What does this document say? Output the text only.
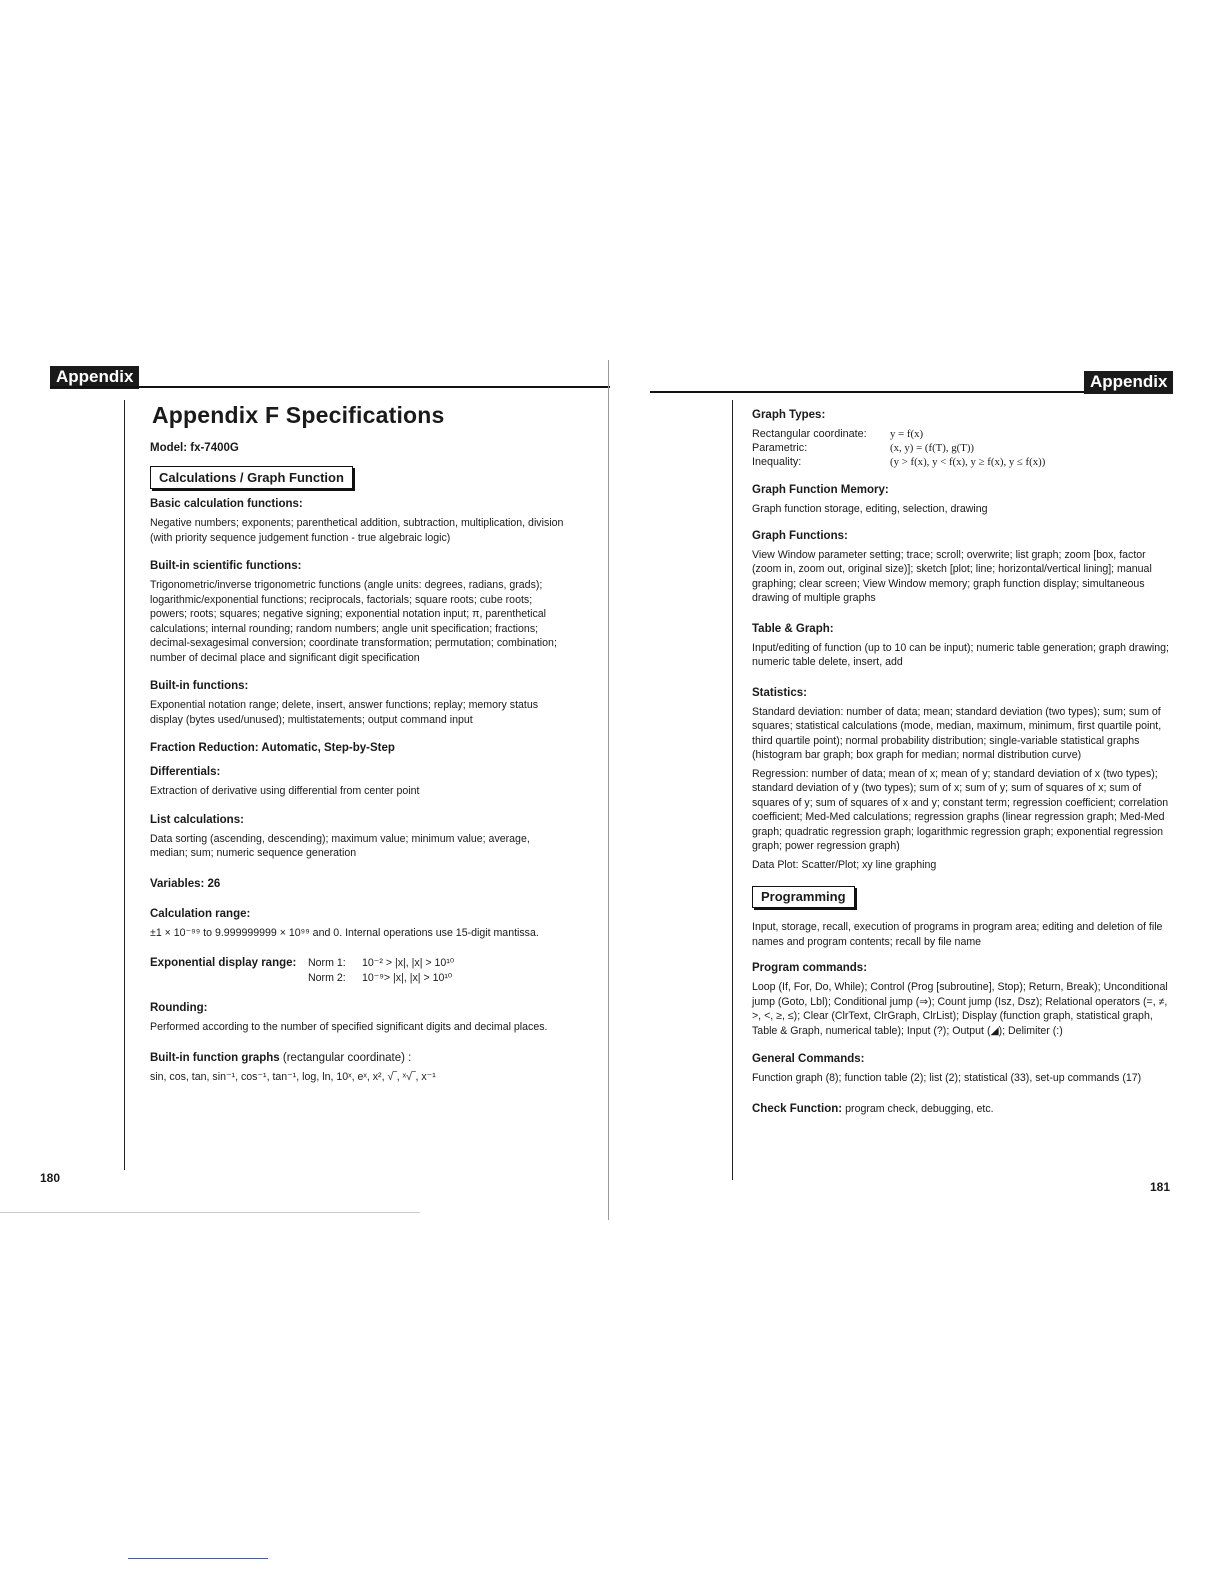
Appendix
Appendix F Specifications
Model: fx-7400G
Calculations / Graph Function
Basic calculation functions:
Negative numbers; exponents; parenthetical addition, subtraction, multiplication, division (with priority sequence judgement function - true algebraic logic)
Built-in scientific functions:
Trigonometric/inverse trigonometric functions (angle units: degrees, radians, grads); logarithmic/exponential functions; reciprocals, factorials; square roots; cube roots; powers; roots; squares; negative signing; exponential notation input; π, parenthetical calculations; internal rounding; random numbers; angle unit specification; fractions; decimal-sexagesimal conversion; coordinate transformation; permutation; combination; number of decimal place and significant digit specification
Built-in functions:
Exponential notation range; delete, insert, answer functions; replay; memory status display (bytes used/unused); multistatements; output command input
Fraction Reduction: Automatic, Step-by-Step
Differentials:
Extraction of derivative using differential from center point
List calculations:
Data sorting (ascending, descending); maximum value; minimum value; average, median; sum; numeric sequence generation
Variables: 26
Calculation range:
±1 × 10⁻⁹⁹ to 9.999999999 × 10⁹⁹ and 0. Internal operations use 15-digit mantissa.
Exponential display range:	Norm 1: 10⁻² > |x|, |x| > 10¹⁰
Norm 2: 10⁻⁹> |x|, |x| > 10¹⁰
Rounding:
Performed according to the number of specified significant digits and decimal places.
Built-in function graphs (rectangular coordinate) :
sin, cos, tan, sin⁻¹, cos⁻¹, tan⁻¹, log, ln, 10ˣ, eˣ, x², √‾, ˣ√‾, x⁻¹
180
Appendix
Graph Types:
Rectangular coordinate:	y = f(x)
Parametric:	(x, y) = (f(T), g(T))
Inequality:	(y > f(x), y < f(x), y ≥ f(x), y ≤ f(x))
Graph Function Memory:
Graph function storage, editing, selection, drawing
Graph Functions:
View Window parameter setting; trace; scroll; overwrite; list graph; zoom [box, factor (zoom in, zoom out, original size)]; sketch [plot; line; horizontal/vertical lining]; manual graphing; clear screen; View Window memory; graph function display; simultaneous drawing of multiple graphs
Table & Graph:
Input/editing of function (up to 10 can be input); numeric table generation; graph drawing; numeric table delete, insert, add
Statistics:
Standard deviation: number of data; mean; standard deviation (two types); sum; sum of squares; statistical calculations (mode, median, maximum, minimum, first quartile point, third quartile point); normal probability distribution; single-variable statistical graphs (histogram bar graph; box graph for median; normal distribution curve)
Regression: number of data; mean of x; mean of y; standard deviation of x (two types); standard deviation of y (two types); sum of x; sum of y; sum of squares of x; sum of squares of y; sum of squares of x and y; constant term; regression coefficient; correlation coefficient; Med-Med calculations; regression graphs (linear regression graph; Med-Med graph; quadratic regression graph; logarithmic regression graph; exponential regression graph; power regression graph)
Data Plot: Scatter/Plot; xy line graphing
Programming
Input, storage, recall, execution of programs in program area; editing and deletion of file names and program contents; recall by file name
Program commands:
Loop (If, For, Do, While); Control (Prog [subroutine], Stop); Return, Break); Unconditional jump (Goto, Lbl); Conditional jump (⇒); Count jump (Isz, Dsz); Relational operators (=, ≠, >, <, ≥, ≤); Clear (ClrText, ClrGraph, ClrList); Display (function graph, statistical graph, Table & Graph, numerical table); Input (?); Output (◢); Delimiter (:)
General Commands:
Function graph (8); function table (2); list (2); statistical (33), set-up commands (17)
Check Function: program check, debugging, etc.
181
